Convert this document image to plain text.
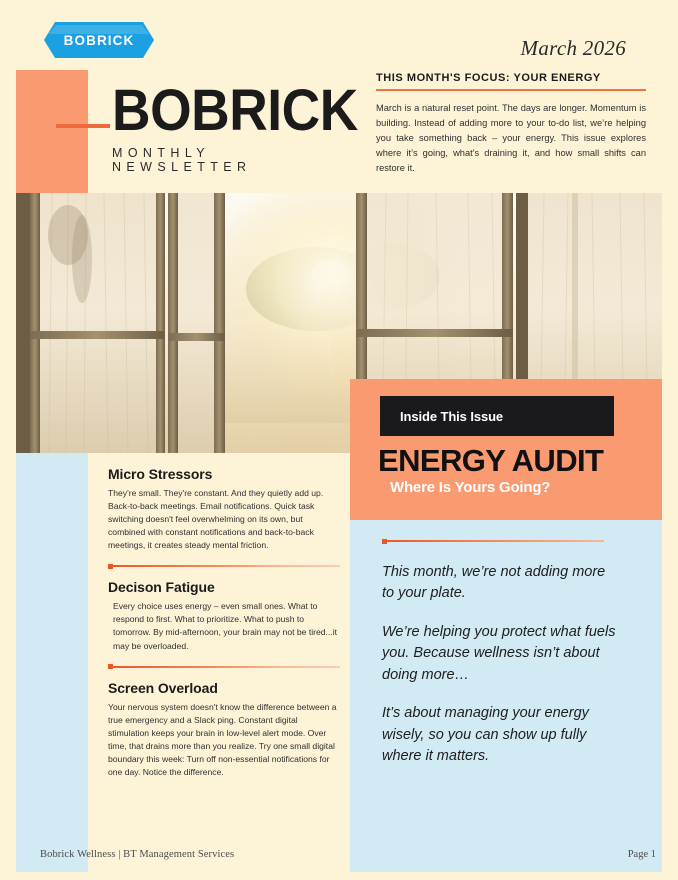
BOBRICK	March 2026
BOBRICK
MONTHLY NEWSLETTER
THIS MONTH'S FOCUS: YOUR ENERGY
March is a natural reset point. The days are longer. Momentum is building. Instead of adding more to your to-do list, we’re helping you take something back – your energy. This issue explores where it’s going, what's draining it, and how small shifts can restore it.
Micro Stressors
They're small. They're constant. And they quietly add up. Back-to-back meetings. Email notifications. Quick task switching doesn't feel overwhelming on its own, but combined with constant notifications and back-to-back meetings, it creates steady mental friction.
Decison Fatigue
Every choice uses energy – even small ones. What to respond to first. What to prioritize. What to push to tomorrow. By mid-afternoon, your brain may not be tired...it may be overloaded.
Screen Overload
Your nervous system doesn't know the difference between a true emergency and a Slack ping. Constant digital stimulation keeps your brain in low-level alert mode. Over time, that drains more than you realize. Try one small digital boundary this week: Turn off non-essential notifications for one day. Notice the difference.
Inside This Issue
ENERGY AUDIT
Where Is Yours Going?

This month, we’re not adding more to your plate.

We’re helping you protect what fuels you. Because wellness isn’t about doing more…

It’s about managing your energy wisely, so you can show up fully where it matters.

Bobrick Wellness | BT Management Services	Page 1
